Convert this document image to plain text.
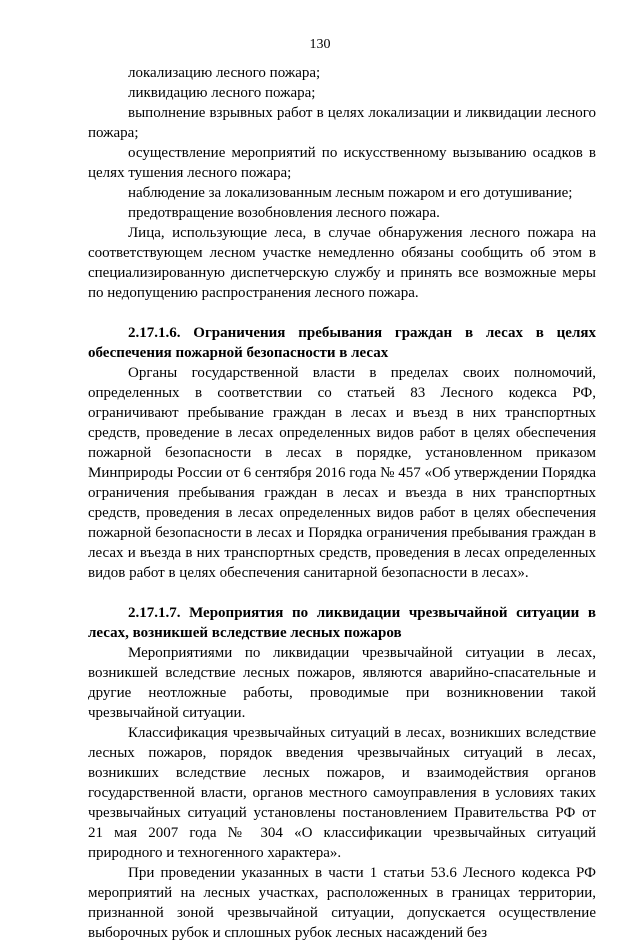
130

локализацию лесного пожара;

ликвидацию лесного пожара;

выполнение взрывных работ в целях локализации и ликвидации лесного пожара;

осуществление мероприятий по искусственному вызыванию осадков в целях тушения лесного пожара;

наблюдение за локализованным лесным пожаром и его дотушивание;

предотвращение возобновления лесного пожара.

Лица, использующие леса, в случае обнаружения лесного пожара на соответствующем лесном участке немедленно обязаны сообщить об этом в специализированную диспетчерскую службу и принять все возможные меры по недопущению распространения лесного пожара.

2.17.1.6. Ограничения пребывания граждан в лесах в целях обеспечения пожарной безопасности в лесах

Органы государственной власти в пределах своих полномочий, определенных в соответствии со статьей 83 Лесного кодекса РФ, ограничивают пребывание граждан в лесах и въезд в них транспортных средств, проведение в лесах определенных видов работ в целях обеспечения пожарной безопасности в лесах в порядке, установленном приказом Минприроды России от 6 сентября 2016 года № 457 «Об утверждении Порядка ограничения пребывания граждан в лесах и въезда в них транспортных средств, проведения в лесах определенных видов работ в целях обеспечения пожарной безопасности в лесах и Порядка ограничения пребывания граждан в лесах и въезда в них транспортных средств, проведения в лесах определенных видов работ в целях обеспечения санитарной безопасности в лесах».

2.17.1.7. Мероприятия по ликвидации чрезвычайной ситуации в лесах, возникшей вследствие лесных пожаров

Мероприятиями по ликвидации чрезвычайной ситуации в лесах, возникшей вследствие лесных пожаров, являются аварийно-спасательные и другие неотложные работы, проводимые при возникновении такой чрезвычайной ситуации.

Классификация чрезвычайных ситуаций в лесах, возникших вследствие лесных пожаров, порядок введения чрезвычайных ситуаций в лесах, возникших вследствие лесных пожаров, и взаимодействия органов государственной власти, органов местного самоуправления в условиях таких чрезвычайных ситуаций установлены постановлением Правительства РФ от 21 мая 2007 года № 304 «О классификации чрезвычайных ситуаций природного и техногенного характера».

При проведении указанных в части 1 статьи 53.6 Лесного кодекса РФ мероприятий на лесных участках, расположенных в границах территории, признанной зоной чрезвычайной ситуации, допускается осуществление выборочных рубок и сплошных рубок лесных насаждений без
